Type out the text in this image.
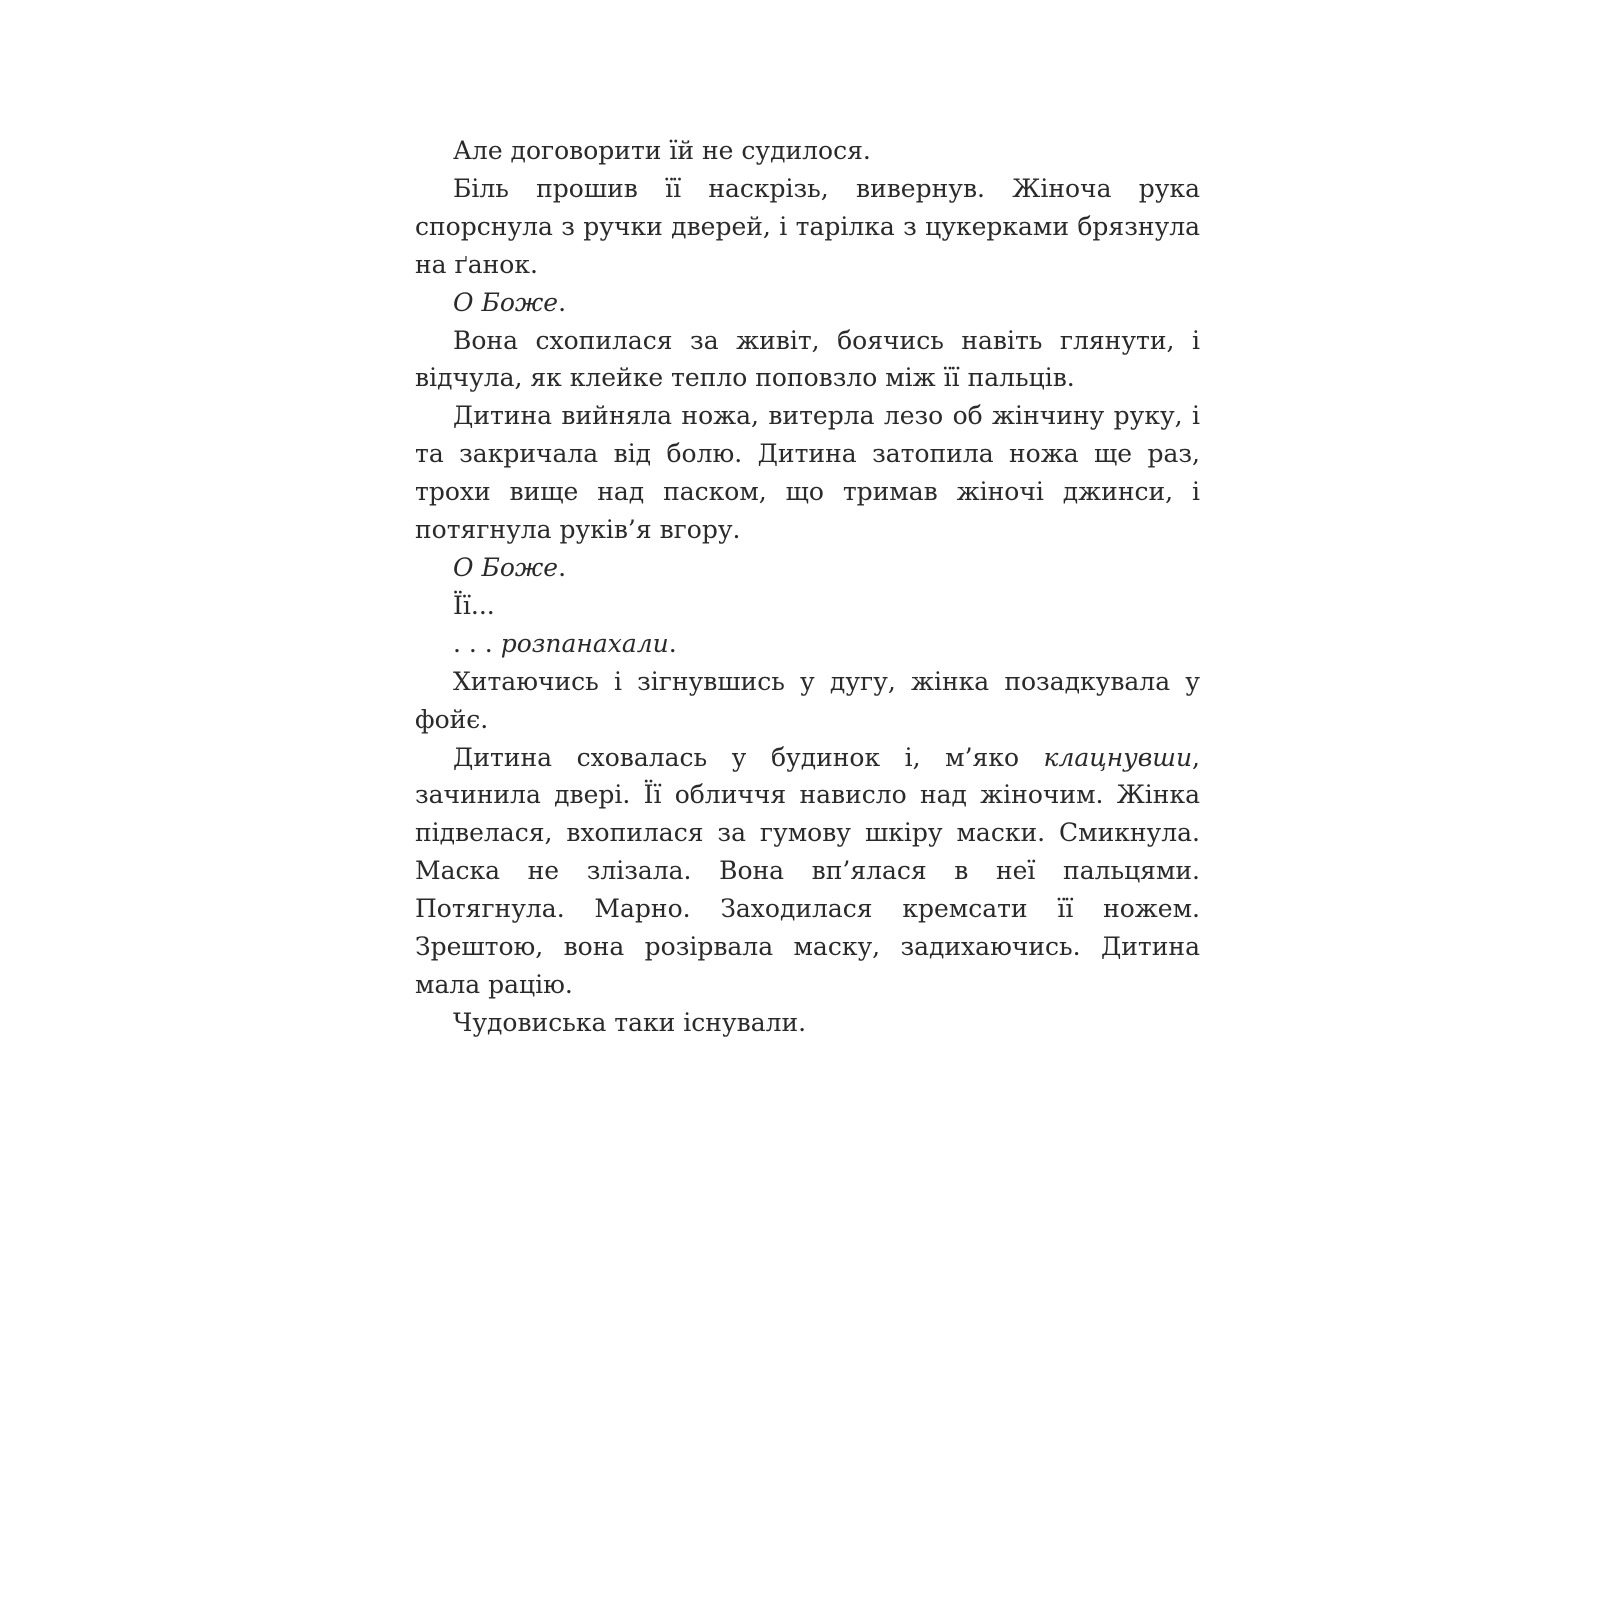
Але договорити їй не судилося.

Біль прошив її наскрізь, вивернув. Жіноча рука спорснула з ручки дверей, і тарілка з цукерками брязнула на ґанок.

О Боже.

Вона схопилася за живіт, боячись навіть глянути, і відчула, як клейке тепло поповзло між її пальців.

Дитина вийняла ножа, витерла лезо об жінчину руку, і та закричала від болю. Дитина затопила ножа ще раз, трохи вище над паском, що тримав жіночі джинси, і потягнула руків’я вгору.

О Боже.

Її...

. . . розпанахали.

Хитаючись і зігнувшись у дугу, жінка позадкувала у фойє.

Дитина сховалась у будинок і, м’яко клацнувши, зачинила двері. Її обличчя нависло над жіночим. Жінка підвелася, вхопилася за гумову шкіру маски. Смикнула. Маска не злізала. Вона вп’ялася в неї пальцями. Потягнула. Марно. Заходилася кремсати її ножем. Зрештою, вона розірвала маску, задихаючись. Дитина мала рацію.

Чудовиська таки існували.
